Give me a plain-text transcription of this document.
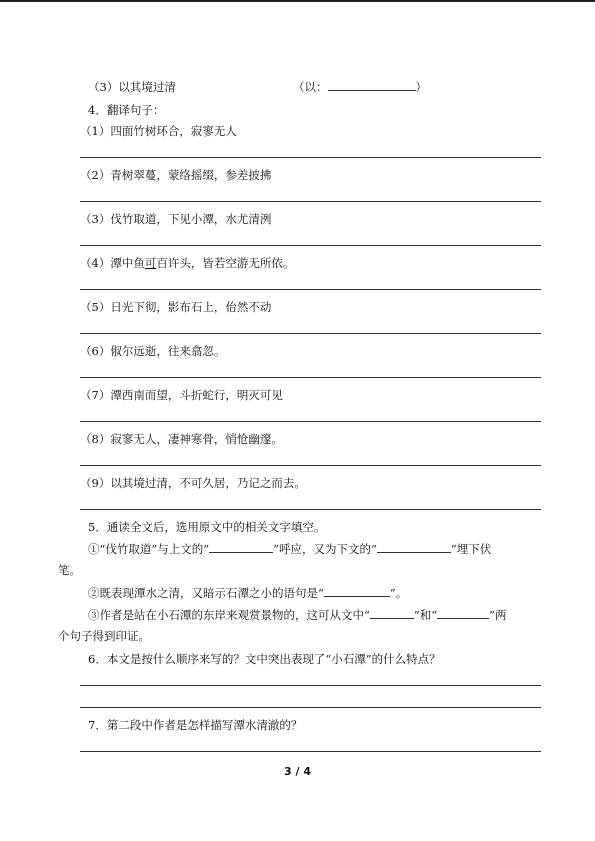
（3）以其境过清	（以：	）
4．翻译句子：
（1）四面竹树环合，寂寥无人
（2）青树翠蔓，蒙络摇缀，参差披拂
（3）伐竹取道，下见小潭，水尤清洌
（4）潭中鱼可百许头，皆若空游无所依。
（5）日光下彻，影布石上，佁然不动
（6）俶尔远逝，往来翕忽。
（7）潭西南而望，斗折蛇行，明灭可见
（8）寂寥无人，凄神寒骨，悄怆幽邃。
（9）以其境过清，不可久居，乃记之而去。
5．通读全文后，选用原文中的相关文字填空。
①“伐竹取道”与上文的“	”呼应，又为下文的“	”埋下伏
笔。
②既表现潭水之清，又暗示石潭之小的语句是“	”。
③作者是站在小石潭的东岸来观赏景物的，这可从文中“	”和“	”两
个句子得到印证。
6．本文是按什么顺序来写的？文中突出表现了“小石潭”的什么特点？
7．第二段中作者是怎样描写潭水清澈的？
3 / 4
